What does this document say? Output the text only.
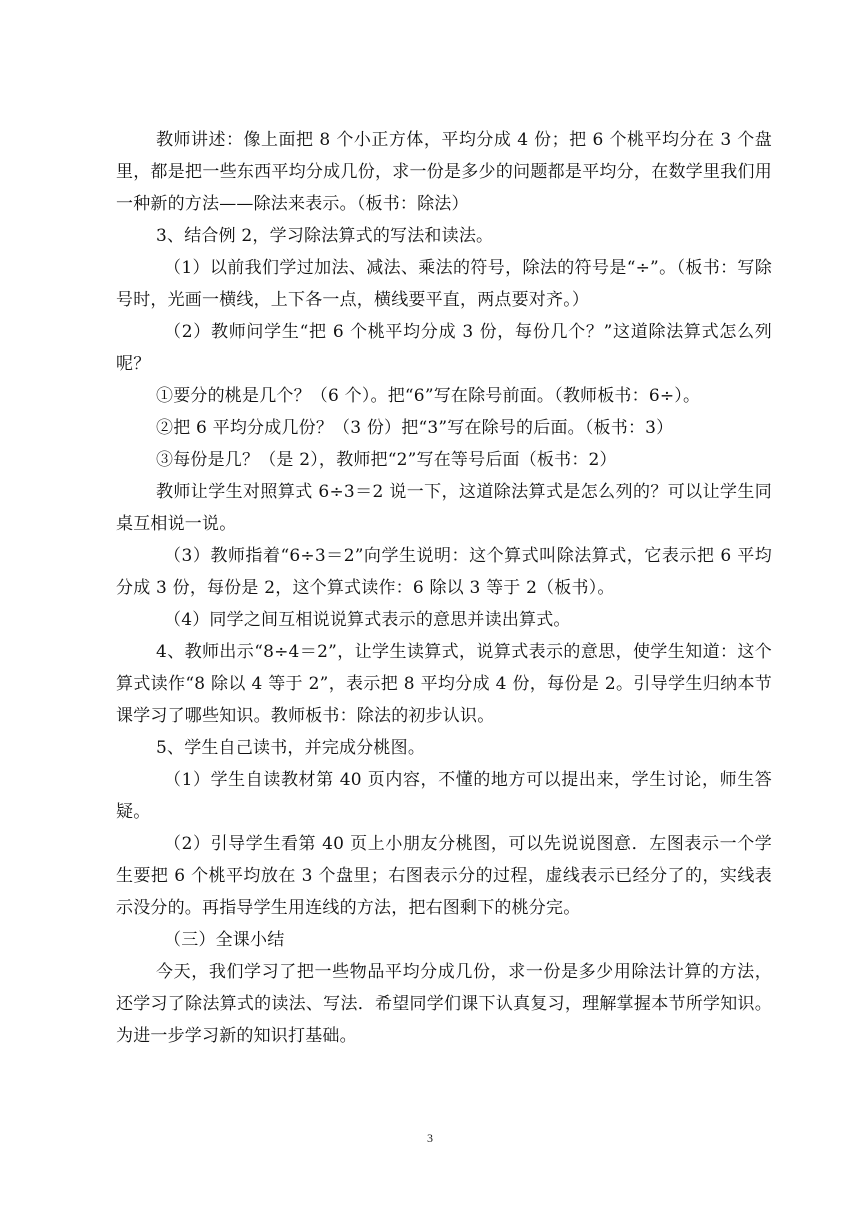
教师讲述：像上面把 8 个小正方体，平均分成 4 份；把 6 个桃平均分在 3 个盘里，都是把一些东西平均分成几份，求一份是多少的问题都是平均分，在数学里我们用一种新的方法——除法来表示。（板书：除法）

3、结合例 2，学习除法算式的写法和读法。

（1）以前我们学过加法、减法、乘法的符号，除法的符号是“÷”。（板书：写除号时，光画一横线，上下各一点，横线要平直，两点要对齐。）

（2）教师问学生“把 6 个桃平均分成 3 份，每份几个？”这道除法算式怎么列呢？

①要分的桃是几个？（6 个）。把“6”写在除号前面。（教师板书：6÷）。

②把 6 平均分成几份？（3 份）把“3”写在除号的后面。（板书：3）

③每份是几？（是 2），教师把“2”写在等号后面（板书：2）

教师让学生对照算式 6÷3＝2 说一下，这道除法算式是怎么列的？可以让学生同桌互相说一说。

（3）教师指着“6÷3＝2”向学生说明：这个算式叫除法算式，它表示把 6 平均分成 3 份，每份是 2，这个算式读作：6 除以 3 等于 2（板书）。

（4）同学之间互相说说算式表示的意思并读出算式。

4、教师出示“8÷4＝2”，让学生读算式，说算式表示的意思，使学生知道：这个算式读作“8 除以 4 等于 2”，表示把 8 平均分成 4 份，每份是 2。引导学生归纳本节课学习了哪些知识。教师板书：除法的初步认识。

5、学生自己读书，并完成分桃图。

（1）学生自读教材第 40 页内容，不懂的地方可以提出来，学生讨论，师生答疑。

（2）引导学生看第 40 页上小朋友分桃图，可以先说说图意．左图表示一个学生要把 6 个桃平均放在 3 个盘里；右图表示分的过程，虚线表示已经分了的，实线表示没分的。再指导学生用连线的方法，把右图剩下的桃分完。

（三）全课小结

今天，我们学习了把一些物品平均分成几份，求一份是多少用除法计算的方法，还学习了除法算式的读法、写法．希望同学们课下认真复习，理解掌握本节所学知识。为进一步学习新的知识打基础。

3
